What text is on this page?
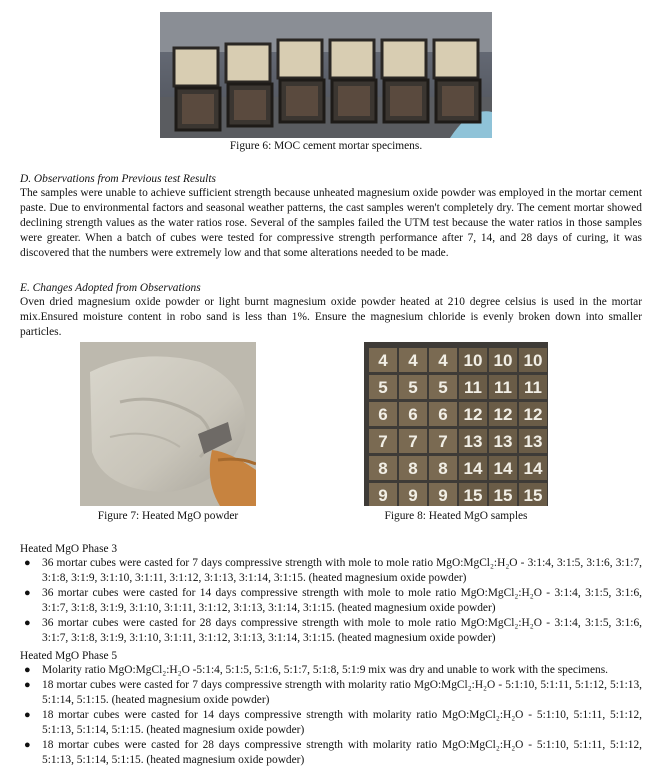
Figure 6: MOC cement mortar specimens.
D. Observations from Previous test Results
The samples were unable to achieve sufficient strength because unheated magnesium oxide powder was employed in the mortar cement paste. Due to environmental factors and seasonal weather patterns, the cast samples weren't completely dry. The cement mortar showed declining strength values as the water ratios rose. Several of the samples failed the UTM test because the water ratios in those samples were greater. When a batch of cubes were tested for compressive strength performance after 7, 14, and 28 days of curing, it was discovered that the numbers were extremely low and that some alterations needed to be made.
E. Changes Adopted from Observations
Oven dried magnesium oxide powder or light burnt magnesium oxide powder heated at 210 degree celsius is used in the mortar mix.Ensured moisture content in robo sand is less than 1%. Ensure the magnesium chloride is evenly broken down into smaller particles.
Figure 7: Heated MgO powder
4 4 4 10 10 10
5 5 5 11 11 11
6 6 6 12 12 12
7 7 7 13 13 13
8 8 8 14 14 14
9 9 9 15 15 15
Figure 8: Heated MgO samples
Heated MgO Phase 3
● 36 mortar cubes were casted for 7 days compressive strength with mole to mole ratio MgO:MgCl₂:H₂O - 3:1:4, 3:1:5, 3:1:6, 3:1:7, 3:1:8, 3:1:9, 3:1:10, 3:1:11, 3:1:12, 3:1:13, 3:1:14, 3:1:15. (heated magnesium oxide powder)
● 36 mortar cubes were casted for 14 days compressive strength with mole to mole ratio MgO:MgCl₂:H₂O - 3:1:4, 3:1:5, 3:1:6, 3:1:7, 3:1:8, 3:1:9, 3:1:10, 3:1:11, 3:1:12, 3:1:13, 3:1:14, 3:1:15. (heated magnesium oxide powder)
● 36 mortar cubes were casted for 28 days compressive strength with mole to mole ratio MgO:MgCl₂:H₂O - 3:1:4, 3:1:5, 3:1:6, 3:1:7, 3:1:8, 3:1:9, 3:1:10, 3:1:11, 3:1:12, 3:1:13, 3:1:14, 3:1:15. (heated magnesium oxide powder)
Heated MgO Phase 5
● Molarity ratio MgO:MgCl₂:H₂O -5:1:4, 5:1:5, 5:1:6, 5:1:7, 5:1:8, 5:1:9 mix was dry and unable to work with the specimens.
● 18 mortar cubes were casted for 7 days compressive strength with molarity ratio MgO:MgCl₂:H₂O - 5:1:10, 5:1:11, 5:1:12, 5:1:13, 5:1:14, 5:1:15. (heated magnesium oxide powder)
● 18 mortar cubes were casted for 14 days compressive strength with molarity ratio MgO:MgCl₂:H₂O - 5:1:10, 5:1:11, 5:1:12, 5:1:13, 5:1:14, 5:1:15. (heated magnesium oxide powder)
● 18 mortar cubes were casted for 28 days compressive strength with molarity ratio MgO:MgCl₂:H₂O - 5:1:10, 5:1:11, 5:1:12, 5:1:13, 5:1:14, 5:1:15. (heated magnesium oxide powder)
